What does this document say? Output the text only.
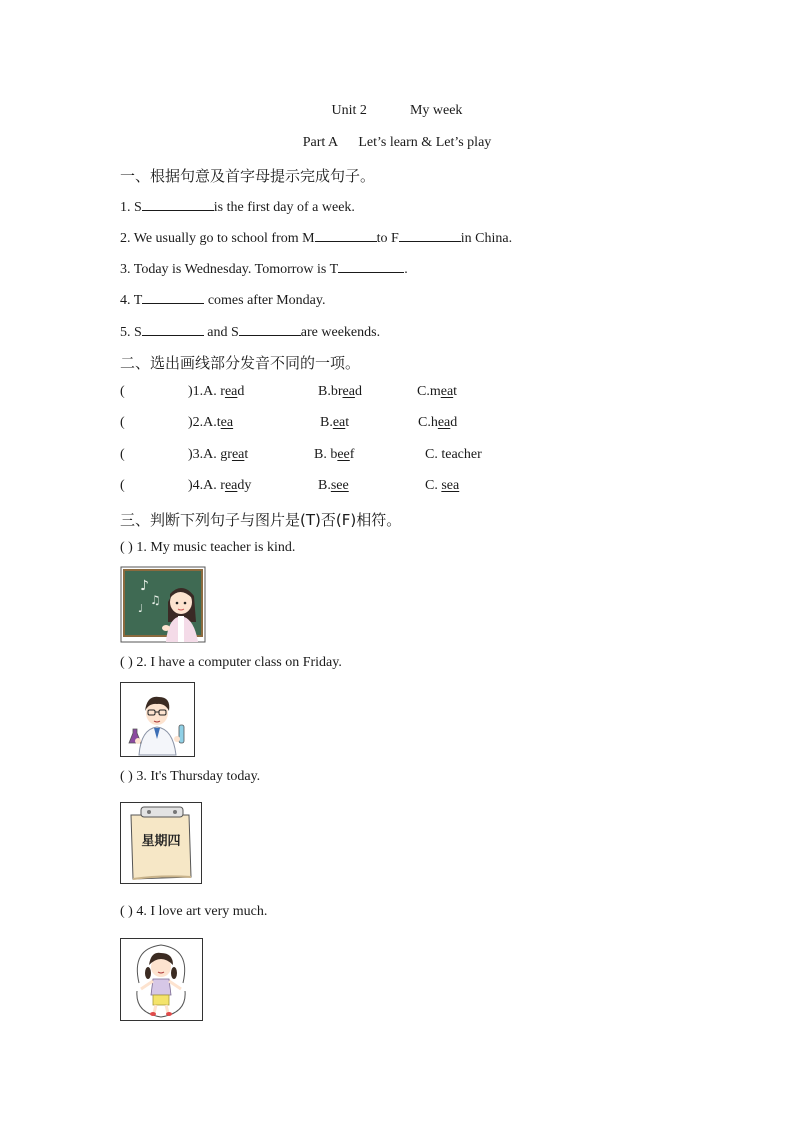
Unit 2	My week
Part A Let’s learn & Let’s play
一、根据句意及首字母提示完成句子。
1. S	is the first day of a week.
2. We usually go to school from M	to F	in China.
3. Today is Wednesday. Tomorrow is T	.
4. T	comes after Monday.
5. S	and S	are weekends.
二、选出画线部分发音不同的一项。
(	)1.A. read	B.bread	C.meat
(	)2.A.tea	B.eat	C.head
(	)3.A. great	B. beef	C. teacher
(	)4.A. ready	B.see	C. sea
三、判断下列句子与图片是(T)否(F)相符。
( ) 1. My music teacher is kind.
♪
♫
♩
( ) 2. I have a computer class on Friday.
( ) 3. It's Thursday today.
星期四
( ) 4. I love art very much.
